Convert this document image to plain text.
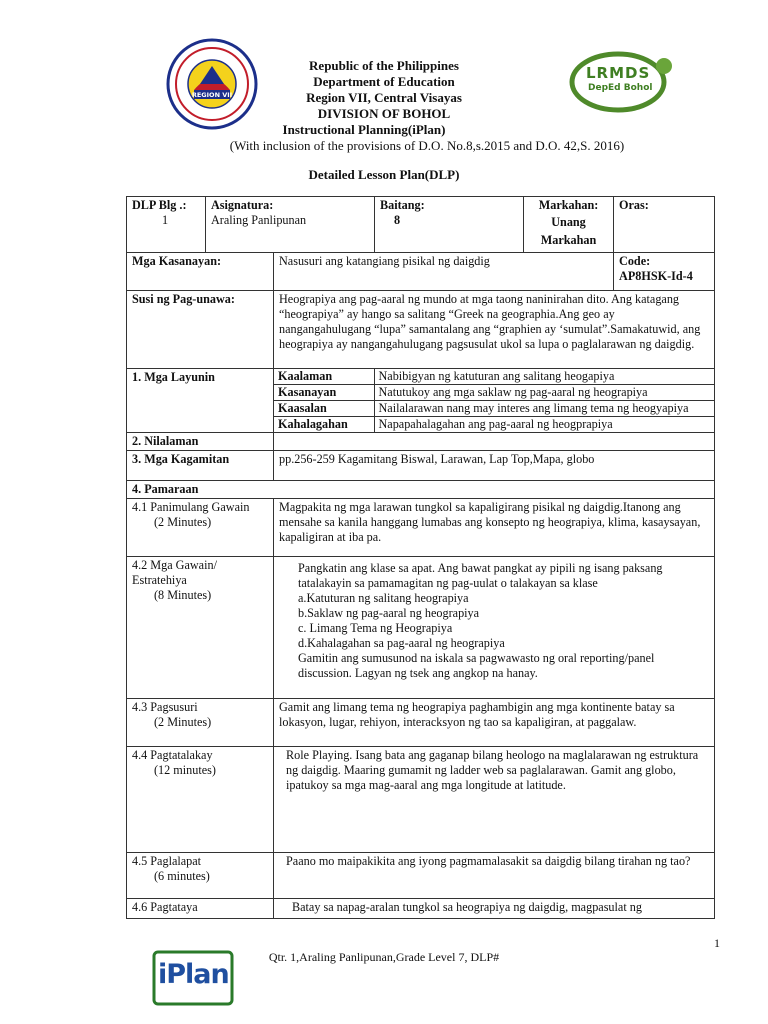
REGION VII
Republic of the Philippines
Department of Education
Region VII, Central Visayas
DIVISION OF BOHOL
Instructional Planning(iPlan)
(With inclusion of the provisions of D.O. No.8,s.2015 and D.O. 42,S. 2016)
Detailed Lesson Plan(DLP)
LRMDS
DepEd Bohol
DLP Blg .:
1

Asignatura:
Araling Panlipunan

Baitang:
8

Markahan:
Unang Markahan

Oras:

Mga Kasanayan:	Nasusuri ang katangiang pisikal ng daigdig	Code:
AP8HSK-Id-4

Susi ng Pag-unawa:	Heograpiya ang pag-aaral ng mundo at mga taong naninirahan dito. Ang katagang “heograpiya” ay hango sa salitang “Greek na geographia.Ang geo ay nangangahulugang “lupa” samantalang ang “graphien ay ‘sumulat”.Samakatuwid, ang heograpiya ay nangangahulugang pagsusulat ukol sa lupa o paglalarawan ng daigdig.
1. Mga Layunin		Kaalaman	Nabibigyan ng katuturan ang salitang heogapiya
Kasanayan	Natutukoy ang mga saklaw ng pag-aaral ng heograpiya
Kaasalan	Nailalarawan nang may interes ang limang tema ng heogyapiya
Kahalagahan	Napapahalagahan ang pag-aaral ng heogprapiya

2. Nilalaman	
3. Mga Kagamitan	pp.256-259 Kagamitang Biswal, Larawan, Lap Top,Mapa, globo
4. Pamaraan

4.1 Panimulang Gawain
(2 Minutes)
	Magpakita ng mga larawan tungkol sa kapaligirang pisikal ng daigdig.Itanong ang mensahe sa kanila hanggang lumabas ang konsepto ng heograpiya, klima, kasaysayan, kapaligiran at iba pa.

4.2 Mga Gawain/ Estratehiya
(8 Minutes)

Pangkatin ang klase sa apat. Ang bawat pangkat ay pipili ng isang paksang tatalakayin sa pamamagitan ng pag-uulat o talakayan sa klase
a.Katuturan ng salitang heograpiya
b.Saklaw ng pag-aaral ng heograpiya
c. Limang Tema ng Heograpiya
d.Kahalagahan sa pag-aaral ng heograpiya
Gamitin ang sumusunod na iskala sa pagwawasto ng oral reporting/panel discussion. Lagyan ng tsek ang angkop na hanay.

4.3 Pagsusuri
(2 Minutes)
	Gamit ang limang tema ng heograpiya paghambigin ang mga kontinente batay sa lokasyon, lugar, rehiyon, interacksyon ng tao sa kapaligiran, at paggalaw.

4.4 Pagtatalakay
(12 minutes)
	Role Playing. Isang bata ang gaganap bilang heologo na maglalarawan ng estruktura ng daigdig. Maaring gumamit ng ladder web sa paglalarawan. Gamit ang globo, ipatukoy sa mga mag-aaral ang mga longitude at latitude.

4.5 Paglalapat
(6 minutes)
	Paano mo maipakikita ang iyong pagmamalasakit sa daigdig bilang tirahan ng tao?
4.6 Pagtataya	Batay sa napag-aralan tungkol sa heograpiya ng daigdig, magpasulat ng
1
Qtr. 1,Araling Panlipunan,Grade Level 7, DLP#
iPlan
